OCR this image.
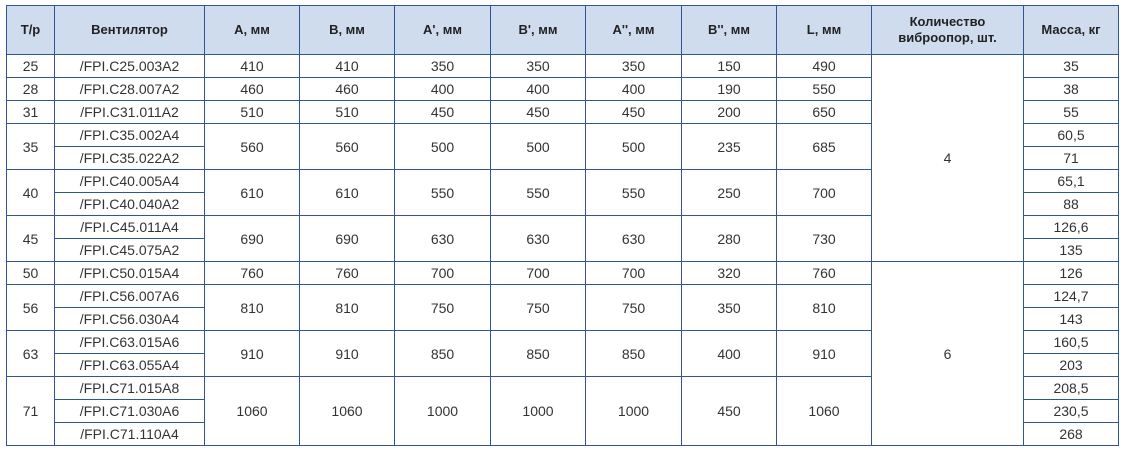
Т/р	Вентилятор	А, мм	В, мм	А', мм	В', мм	А'', мм	В'', мм	L, мм	Количество виброопор, шт.	Масса, кг
25	/FPI.C25.003A2	410	410	350	350	350	150	490	4	35
28	/FPI.C28.007A2	460	460	400	400	400	190	550		38
31	/FPI.C31.011A2	510	510	450	450	450	200	650		55
35	/FPI.C35.002A4	560	560	500	500	500	235	685		60,5
	/FPI.C35.022A2									71
40	/FPI.C40.005A4	610	610	550	550	550	250	700		65,1
	/FPI.C40.040A2									88
45	/FPI.C45.011A4	690	690	630	630	630	280	730		126,6
	/FPI.C45.075A2									135
50	/FPI.C50.015A4	760	760	700	700	700	320	760	6	126
56	/FPI.C56.007A6	810	810	750	750	750	350	810		124,7
	/FPI.C56.030A4									143
63	/FPI.C63.015A6	910	910	850	850	850	400	910		160,5
	/FPI.C63.055A4									203
71	/FPI.C71.015A8	1060	1060	1000	1000	1000	450	1060		208,5
	/FPI.C71.030A6									230,5
	/FPI.C71.110A4									268
